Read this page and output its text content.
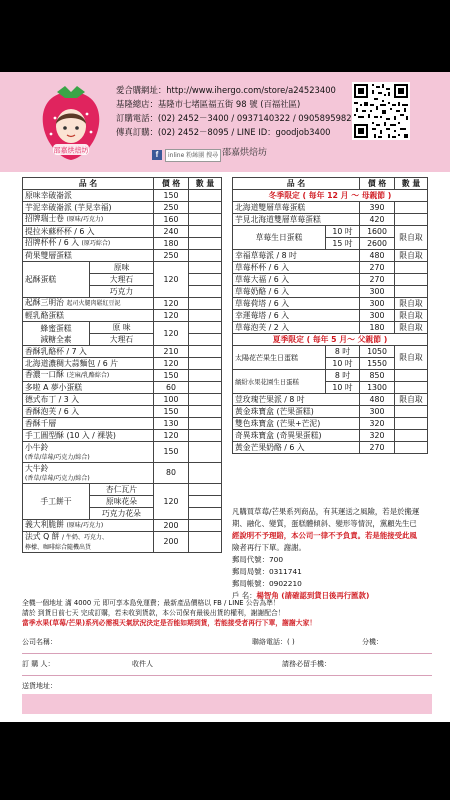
邵嘉烘焙坊
愛合購網址：http://www.ihergo.com/store/a24523400
基隆總店：基隆市七堵區福五街 98 號 (百福社區)
訂購電話：(02) 2452－3400 / 0937140322 / 0905895982
傳真訂購：(02) 2452－8095 / LINE ID：goodjob3400
f	inline 粉絲團 搜尋 邵嘉烘焙坊
品 名		價 格	數 量
原味幸破崙派		150	
芋泥幸破崙派 (芋見幸福)		250	
招牌瑞士卷 (原味/巧克力)		160	
提拉米蘇杯杯 / 6 入		240	
招牌杯杯 / 6 入 (原巧綜合)		180	
荷果雙層蛋糕		250	
起酥蛋糕	原味	120	
	大理石		
	巧克力		
起酥三明治 起司火腿肉鬆紅豆泥		120	
輕乳酪蛋糕		120	
蜂蜜蛋糕
減糖全素	原 味	120	
	大理石		
香酥乳酪杯 / 7 入		210	
北海道濃稠大蒜麵包 / 6 片		120	
香濃一口酥 (芝麻/乳酪綜合)		150	
多啦 A 夢小蛋糕		60	
德式布丁 / 3 入		100	
香酥泡芙 / 6 入		150	
香酥千層		130	
手工圓型酥 (10 入 / 裸裝)		120	
小牛鈴
(香草/草莓/巧克力/綜合)		150	
大牛鈴
(香草/草莓/巧克力/綜合)		80	
手工餅干	杏仁瓦片	120	
	原味花朵		
	巧克力花朵		
義大利脆餅 (原味/巧克力)		200	
法式 Q 餅 / 牛奶、巧克力、
檸檬、咖啡綜合隨機出貨		200	
品 名		價 格	數 量
冬季限定 ( 每年 12 月 ～ 母親節 )			
北海道雙層草莓蛋糕		390	
芋見北海道雙層草莓蛋糕		420	
草莓生日蛋糕	10 吋	1600	限自取
	15 吋	2600	
幸福草莓派 / 8 吋		480	限自取
草莓杯杯 / 6 入		270	
草莓大福 / 6 入		270	
草莓奶酪 / 6 入		300	
草莓荷塔 / 6 入		300	限自取
幸運莓塔 / 6 入		300	限自取
草莓泡芙 / 2 入		180	限自取
夏季限定 ( 每年 5 月～ 父親節 )			
太陽花芒果生日蛋糕	8 吋	1050	限自取
	10 吋	1550	
繽紛水果花園生日蛋糕	8 吋	850	
	10 吋	1300	
荳玫瑰芒果派 / 8 吋		480	限自取
黃金珠寶盒 (芒果蛋糕)		300	
雙色珠寶盒 (芒果+芒泥)		320	
奇異珠寶盒 (奇異果蛋糕)		320	
黃金芒果奶酪 / 6 入		270	
凡購買草莓/芒果系列商品，有其運送之風險，若是於搬運
期、融化、變質，蛋糕體傾斜、變形等情況，黨顧先生已
經說明不予理賠，本公司一律不予負責。若是能接受此風
險者再行下單。謝謝。
郵局代號：700
郵局局號：0311741
郵局帳號：0902210
戶 名：楊智角 (請確認到貨日後再行匯款)
全機一個地址 滿 4000 元 即可享本島免運費；最新產品價格以 FB / LINE 公告為準！
請於 到貨日前七天 完成訂購，若未收到貨款，本公司保有最後出貨的權利，謝謝配合！
當季水果(草莓/芒果)系列必需視天氣狀況決定是否能如期到貨，若能接受者再行下單，謝謝大家！
公司名稱：	聯絡電話：( )	分機：
訂 購 人：	收件人	請務必留手機：
送貨地址：
